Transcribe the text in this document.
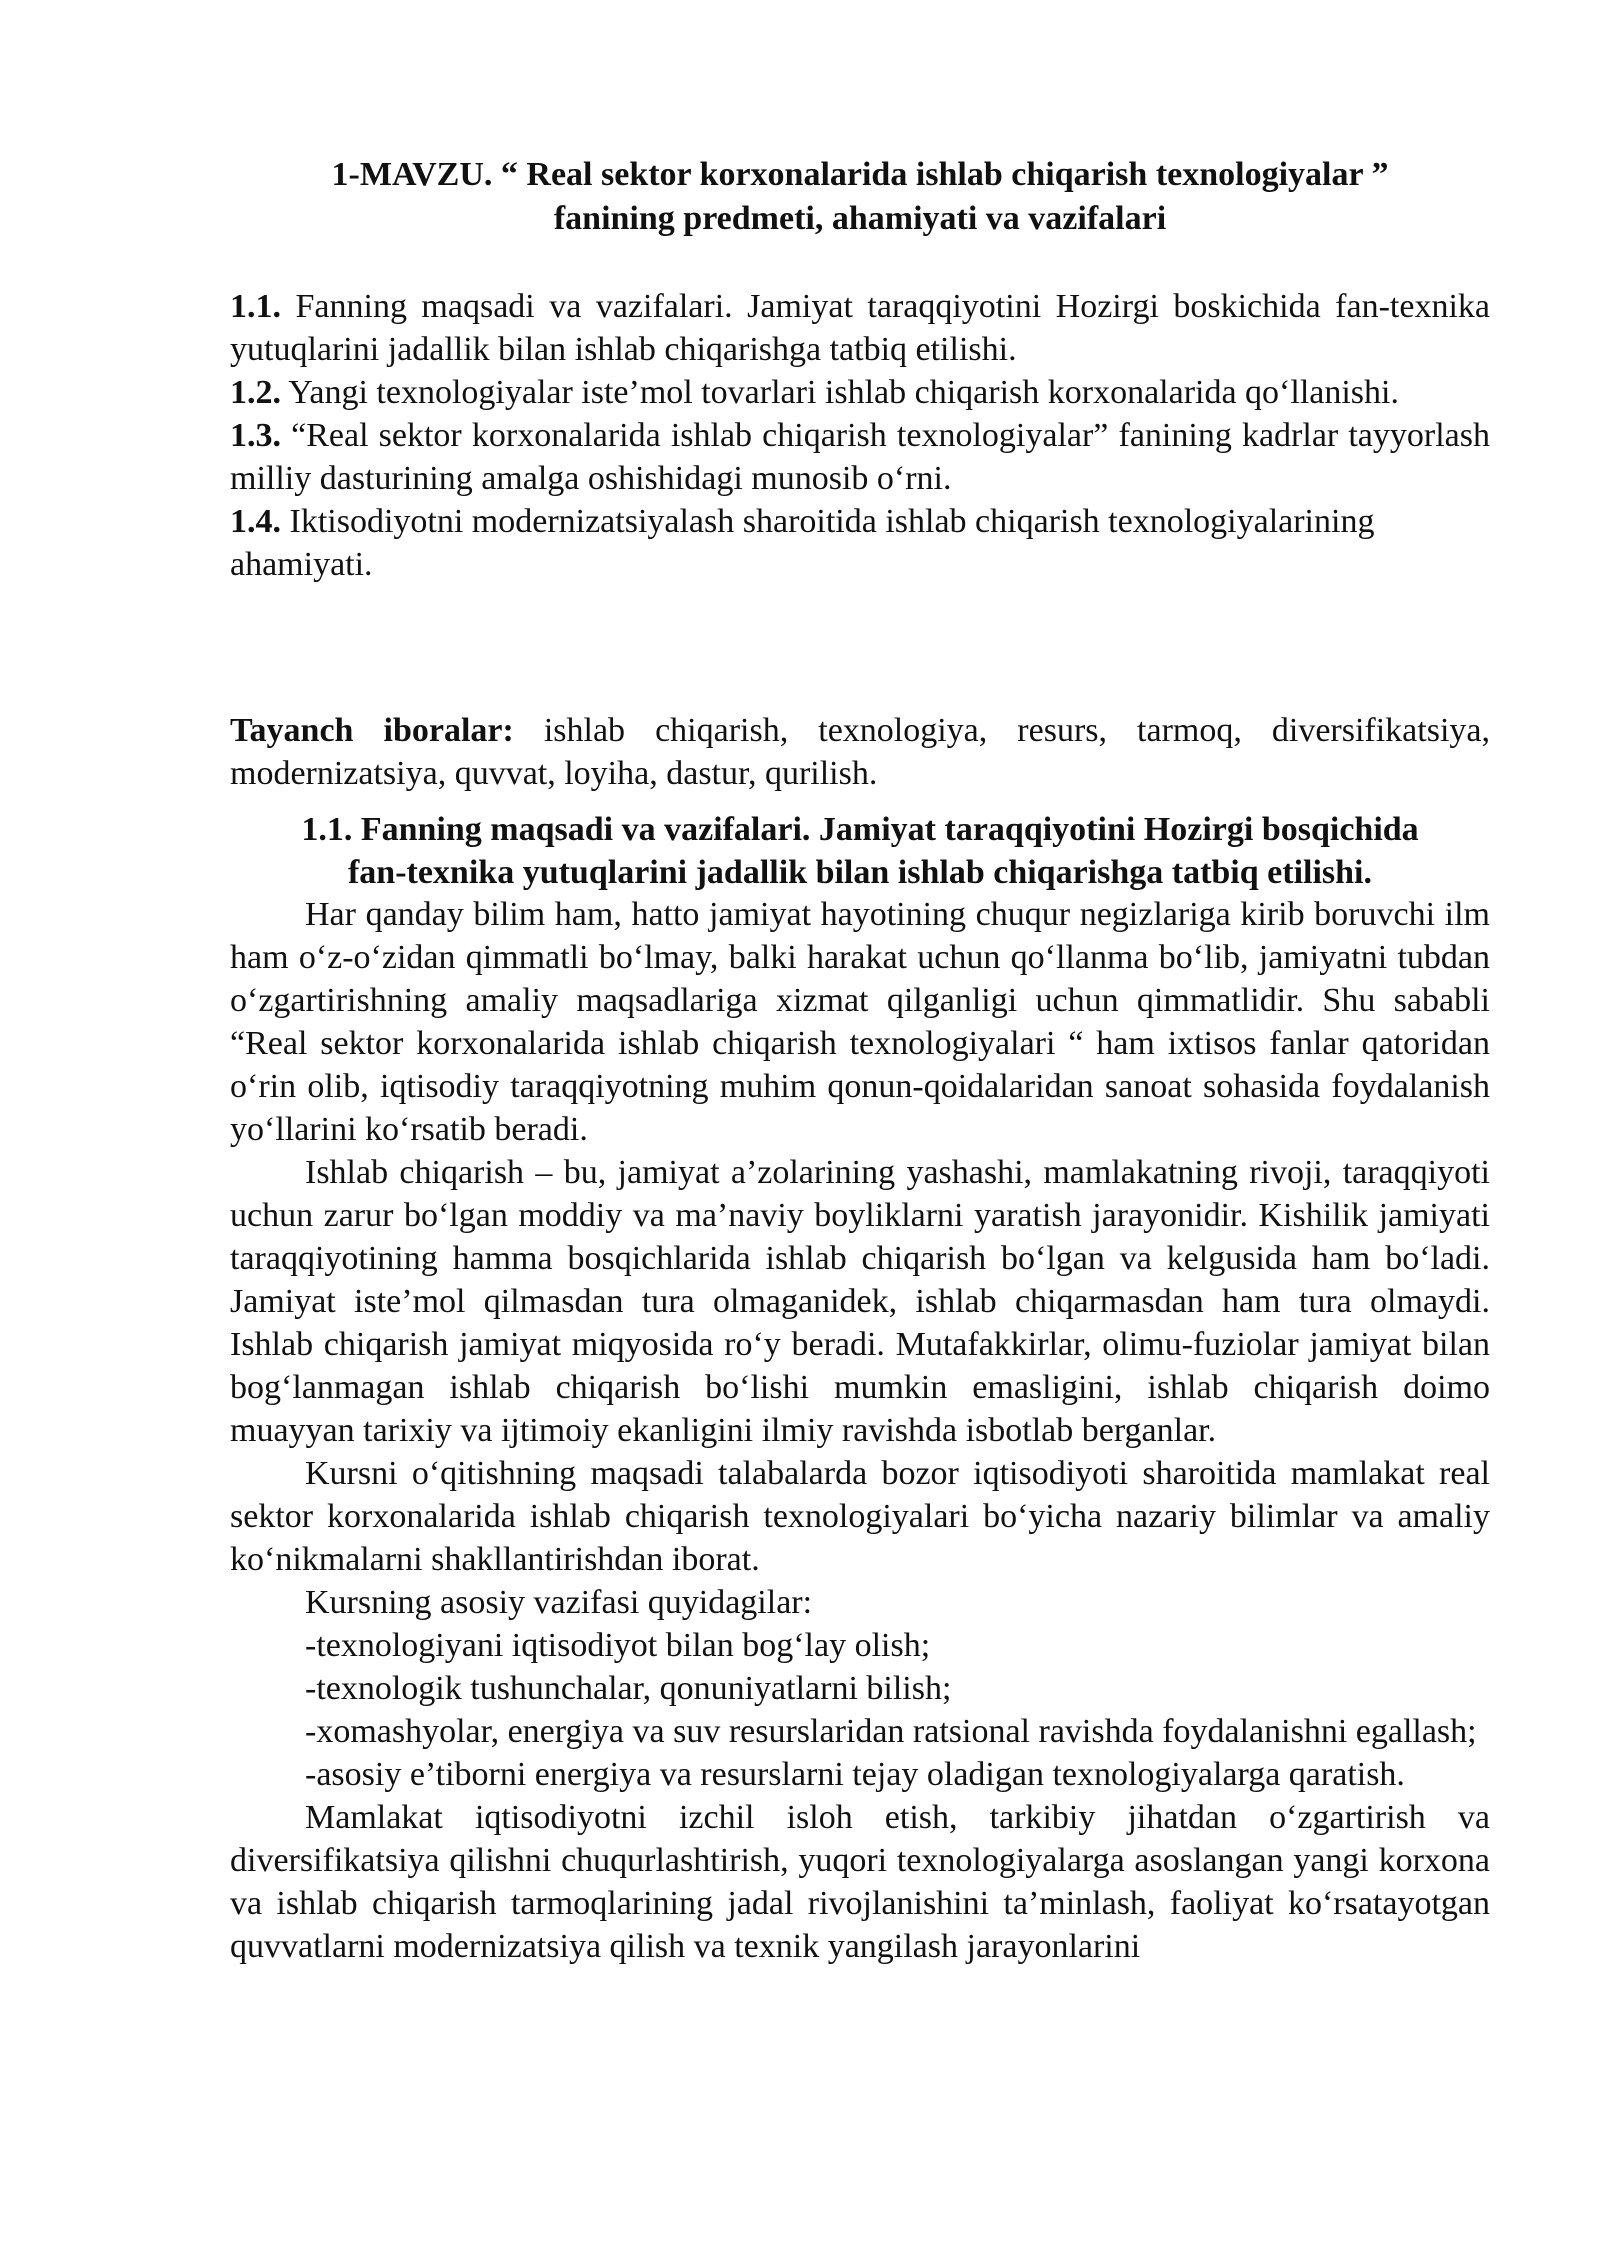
1-MAVZU. “ Real sektor korxonalarida ishlab chiqarish texnologiyalar ”
fanining predmeti, ahamiyati va vazifalari

1.1. Fanning maqsadi va vazifalari. Jamiyat taraqqiyotini Hozirgi boskichida fan-texnika yutuqlarini jadallik bilan ishlab chiqarishga tatbiq etilishi.

1.2. Yangi texnologiyalar iste’mol tovarlari ishlab chiqarish korxonalarida qo‘llanishi.

1.3. “Real sektor korxonalarida ishlab chiqarish texnologiyalar” fanining kadrlar tayyorlash milliy dasturining amalga oshishidagi munosib o‘rni.

1.4. Iktisodiyotni modernizatsiyalash sharoitida ishlab chiqarish texnologiyalarining ahamiyati.

Tayanch iboralar: ishlab chiqarish, texnologiya, resurs, tarmoq, diversifikatsiya, modernizatsiya, quvvat, loyiha, dastur, qurilish.

1.1. Fanning maqsadi va vazifalari. Jamiyat taraqqiyotini Hozirgi bosqichida
fan-texnika yutuqlarini jadallik bilan ishlab chiqarishga tatbiq etilishi.

Har qanday bilim ham, hatto jamiyat hayotining chuqur negizlariga kirib boruvchi ilm ham o‘z-o‘zidan qimmatli bo‘lmay, balki harakat uchun qo‘llanma bo‘lib, jamiyatni tubdan o‘zgartirishning amaliy maqsadlariga xizmat qilganligi uchun qimmatlidir. Shu sababli “Real sektor korxonalarida ishlab chiqarish texnologiyalari “ ham ixtisos fanlar qatoridan o‘rin olib, iqtisodiy taraqqiyotning muhim qonun-qoidalaridan sanoat sohasida foydalanish yo‘llarini ko‘rsatib beradi.

Ishlab chiqarish – bu, jamiyat a’zolarining yashashi, mamlakatning rivoji, taraqqiyoti uchun zarur bo‘lgan moddiy va ma’naviy boyliklarni yaratish jarayonidir. Kishilik jamiyati taraqqiyotining hamma bosqichlarida ishlab chiqarish bo‘lgan va kelgusida ham bo‘ladi. Jamiyat iste’mol qilmasdan tura olmaganidek, ishlab chiqarmasdan ham tura olmaydi. Ishlab chiqarish jamiyat miqyosida ro‘y beradi. Mutafakkirlar, olimu-fuziolar jamiyat bilan bog‘lanmagan ishlab chiqarish bo‘lishi mumkin emasligini, ishlab chiqarish doimo muayyan tarixiy va ijtimoiy ekanligini ilmiy ravishda isbotlab berganlar.

Kursni o‘qitishning maqsadi talabalarda bozor iqtisodiyoti sharoitida mamlakat real sektor korxonalarida ishlab chiqarish texnologiyalari bo‘yicha nazariy bilimlar va amaliy ko‘nikmalarni shakllantirishdan iborat.

Kursning asosiy vazifasi quyidagilar:

-texnologiyani iqtisodiyot bilan bog‘lay olish;

-texnologik tushunchalar, qonuniyatlarni bilish;

-xomashyolar, energiya va suv resurslaridan ratsional ravishda foydalanishni egallash;

-asosiy e’tiborni energiya va resurslarni tejay oladigan texnologiyalarga qaratish.

Mamlakat iqtisodiyotni izchil isloh etish, tarkibiy jihatdan o‘zgartirish va diversifikatsiya qilishni chuqurlashtirish, yuqori texnologiyalarga asoslangan yangi korxona va ishlab chiqarish tarmoqlarining jadal rivojlanishini ta’minlash, faoliyat ko‘rsatayotgan quvvatlarni modernizatsiya qilish va texnik yangilash jarayonlarini
